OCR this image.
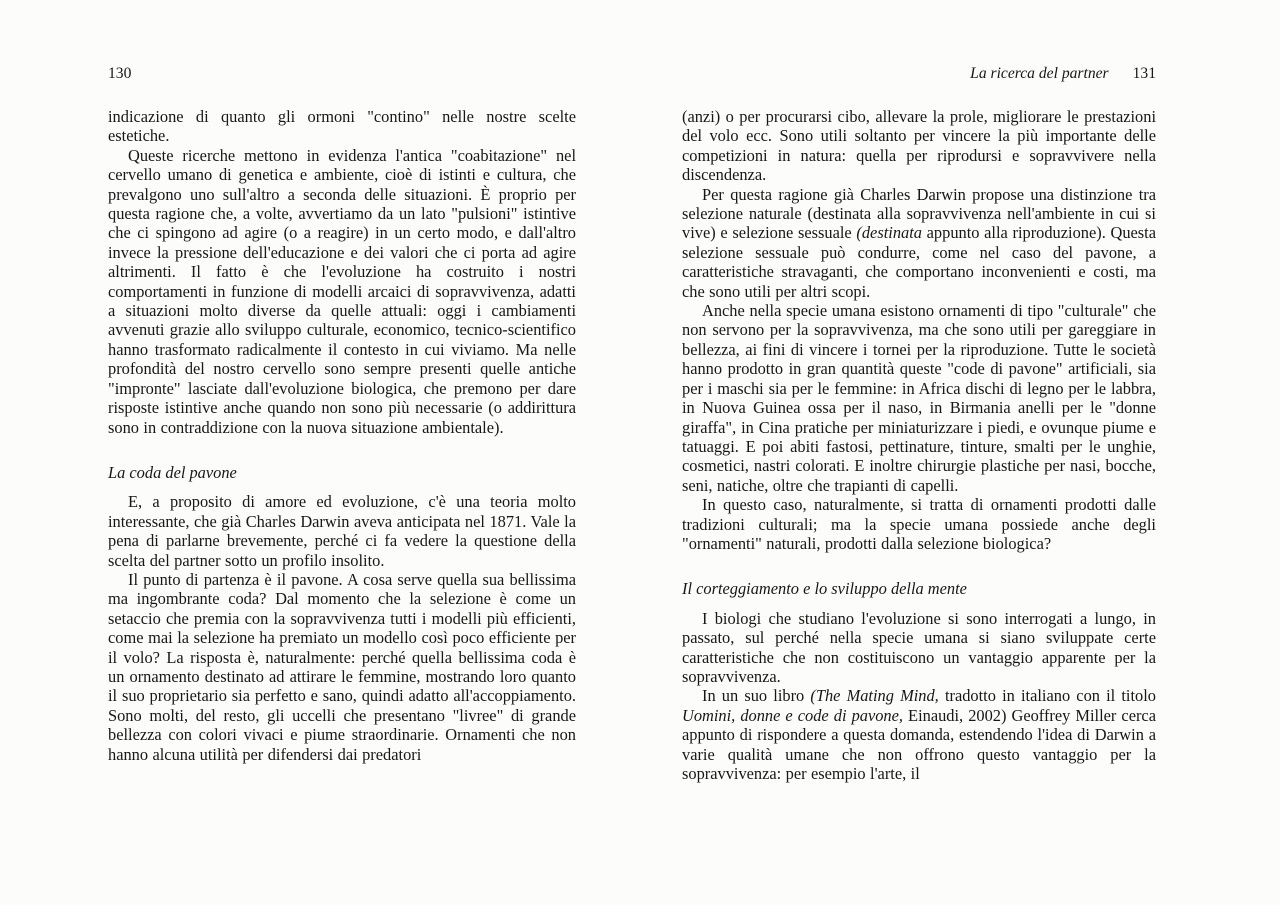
130

indicazione di quanto gli ormoni "contino" nelle nostre scelte estetiche.

Queste ricerche mettono in evidenza l'antica "coabitazione" nel cervello umano di genetica e ambiente, cioè di istinti e cultura, che prevalgono uno sull'altro a seconda delle situazioni. È proprio per questa ragione che, a volte, avvertiamo da un lato "pulsioni" istintive che ci spingono ad agire (o a reagire) in un certo modo, e dall'altro invece la pressione dell'educazione e dei valori che ci porta ad agire altrimenti. Il fatto è che l'evoluzione ha costruito i nostri comportamenti in funzione di modelli arcaici di sopravvivenza, adatti a situazioni molto diverse da quelle attuali: oggi i cambiamenti avvenuti grazie allo sviluppo culturale, economico, tecnico-scientifico hanno trasformato radicalmente il contesto in cui viviamo. Ma nelle profondità del nostro cervello sono sempre presenti quelle antiche "impronte" lasciate dall'evoluzione biologica, che premono per dare risposte istintive anche quando non sono più necessarie (o addirittura sono in contraddizione con la nuova situazione ambientale).

La coda del pavone

E, a proposito di amore ed evoluzione, c'è una teoria molto interessante, che già Charles Darwin aveva anticipata nel 1871. Vale la pena di parlarne brevemente, perché ci fa vedere la questione della scelta del partner sotto un profilo insolito.

Il punto di partenza è il pavone. A cosa serve quella sua bellissima ma ingombrante coda? Dal momento che la selezione è come un setaccio che premia con la sopravvivenza tutti i modelli più efficienti, come mai la selezione ha premiato un modello così poco efficiente per il volo? La risposta è, naturalmente: perché quella bellissima coda è un ornamento destinato ad attirare le femmine, mostrando loro quanto il suo proprietario sia perfetto e sano, quindi adatto all'accoppiamento. Sono molti, del resto, gli uccelli che presentano "livree" di grande bellezza con colori vivaci e piume straordinarie. Ornamenti che non hanno alcuna utilità per difendersi dai predatori

La ricerca del partner 131

(anzi) o per procurarsi cibo, allevare la prole, migliorare le prestazioni del volo ecc. Sono utili soltanto per vincere la più importante delle competizioni in natura: quella per riprodursi e sopravvivere nella discendenza.

Per questa ragione già Charles Darwin propose una distinzione tra selezione naturale (destinata alla sopravvivenza nell'ambiente in cui si vive) e selezione sessuale (destinata appunto alla riproduzione). Questa selezione sessuale può condurre, come nel caso del pavone, a caratteristiche stravaganti, che comportano inconvenienti e costi, ma che sono utili per altri scopi.

Anche nella specie umana esistono ornamenti di tipo "culturale" che non servono per la sopravvivenza, ma che sono utili per gareggiare in bellezza, ai fini di vincere i tornei per la riproduzione. Tutte le società hanno prodotto in gran quantità queste "code di pavone" artificiali, sia per i maschi sia per le femmine: in Africa dischi di legno per le labbra, in Nuova Guinea ossa per il naso, in Birmania anelli per le "donne giraffa", in Cina pratiche per miniaturizzare i piedi, e ovunque piume e tatuaggi. E poi abiti fastosi, pettinature, tinture, smalti per le unghie, cosmetici, nastri colorati. E inoltre chirurgie plastiche per nasi, bocche, seni, natiche, oltre che trapianti di capelli.

In questo caso, naturalmente, si tratta di ornamenti prodotti dalle tradizioni culturali; ma la specie umana possiede anche degli "ornamenti" naturali, prodotti dalla selezione biologica?

Il corteggiamento e lo sviluppo della mente

I biologi che studiano l'evoluzione si sono interrogati a lungo, in passato, sul perché nella specie umana si siano sviluppate certe caratteristiche che non costituiscono un vantaggio apparente per la sopravvivenza.

In un suo libro (The Mating Mind, tradotto in italiano con il titolo Uomini, donne e code di pavone, Einaudi, 2002) Geoffrey Miller cerca appunto di rispondere a questa domanda, estendendo l'idea di Darwin a varie qualità umane che non offrono questo vantaggio per la sopravvivenza: per esempio l'arte, il
